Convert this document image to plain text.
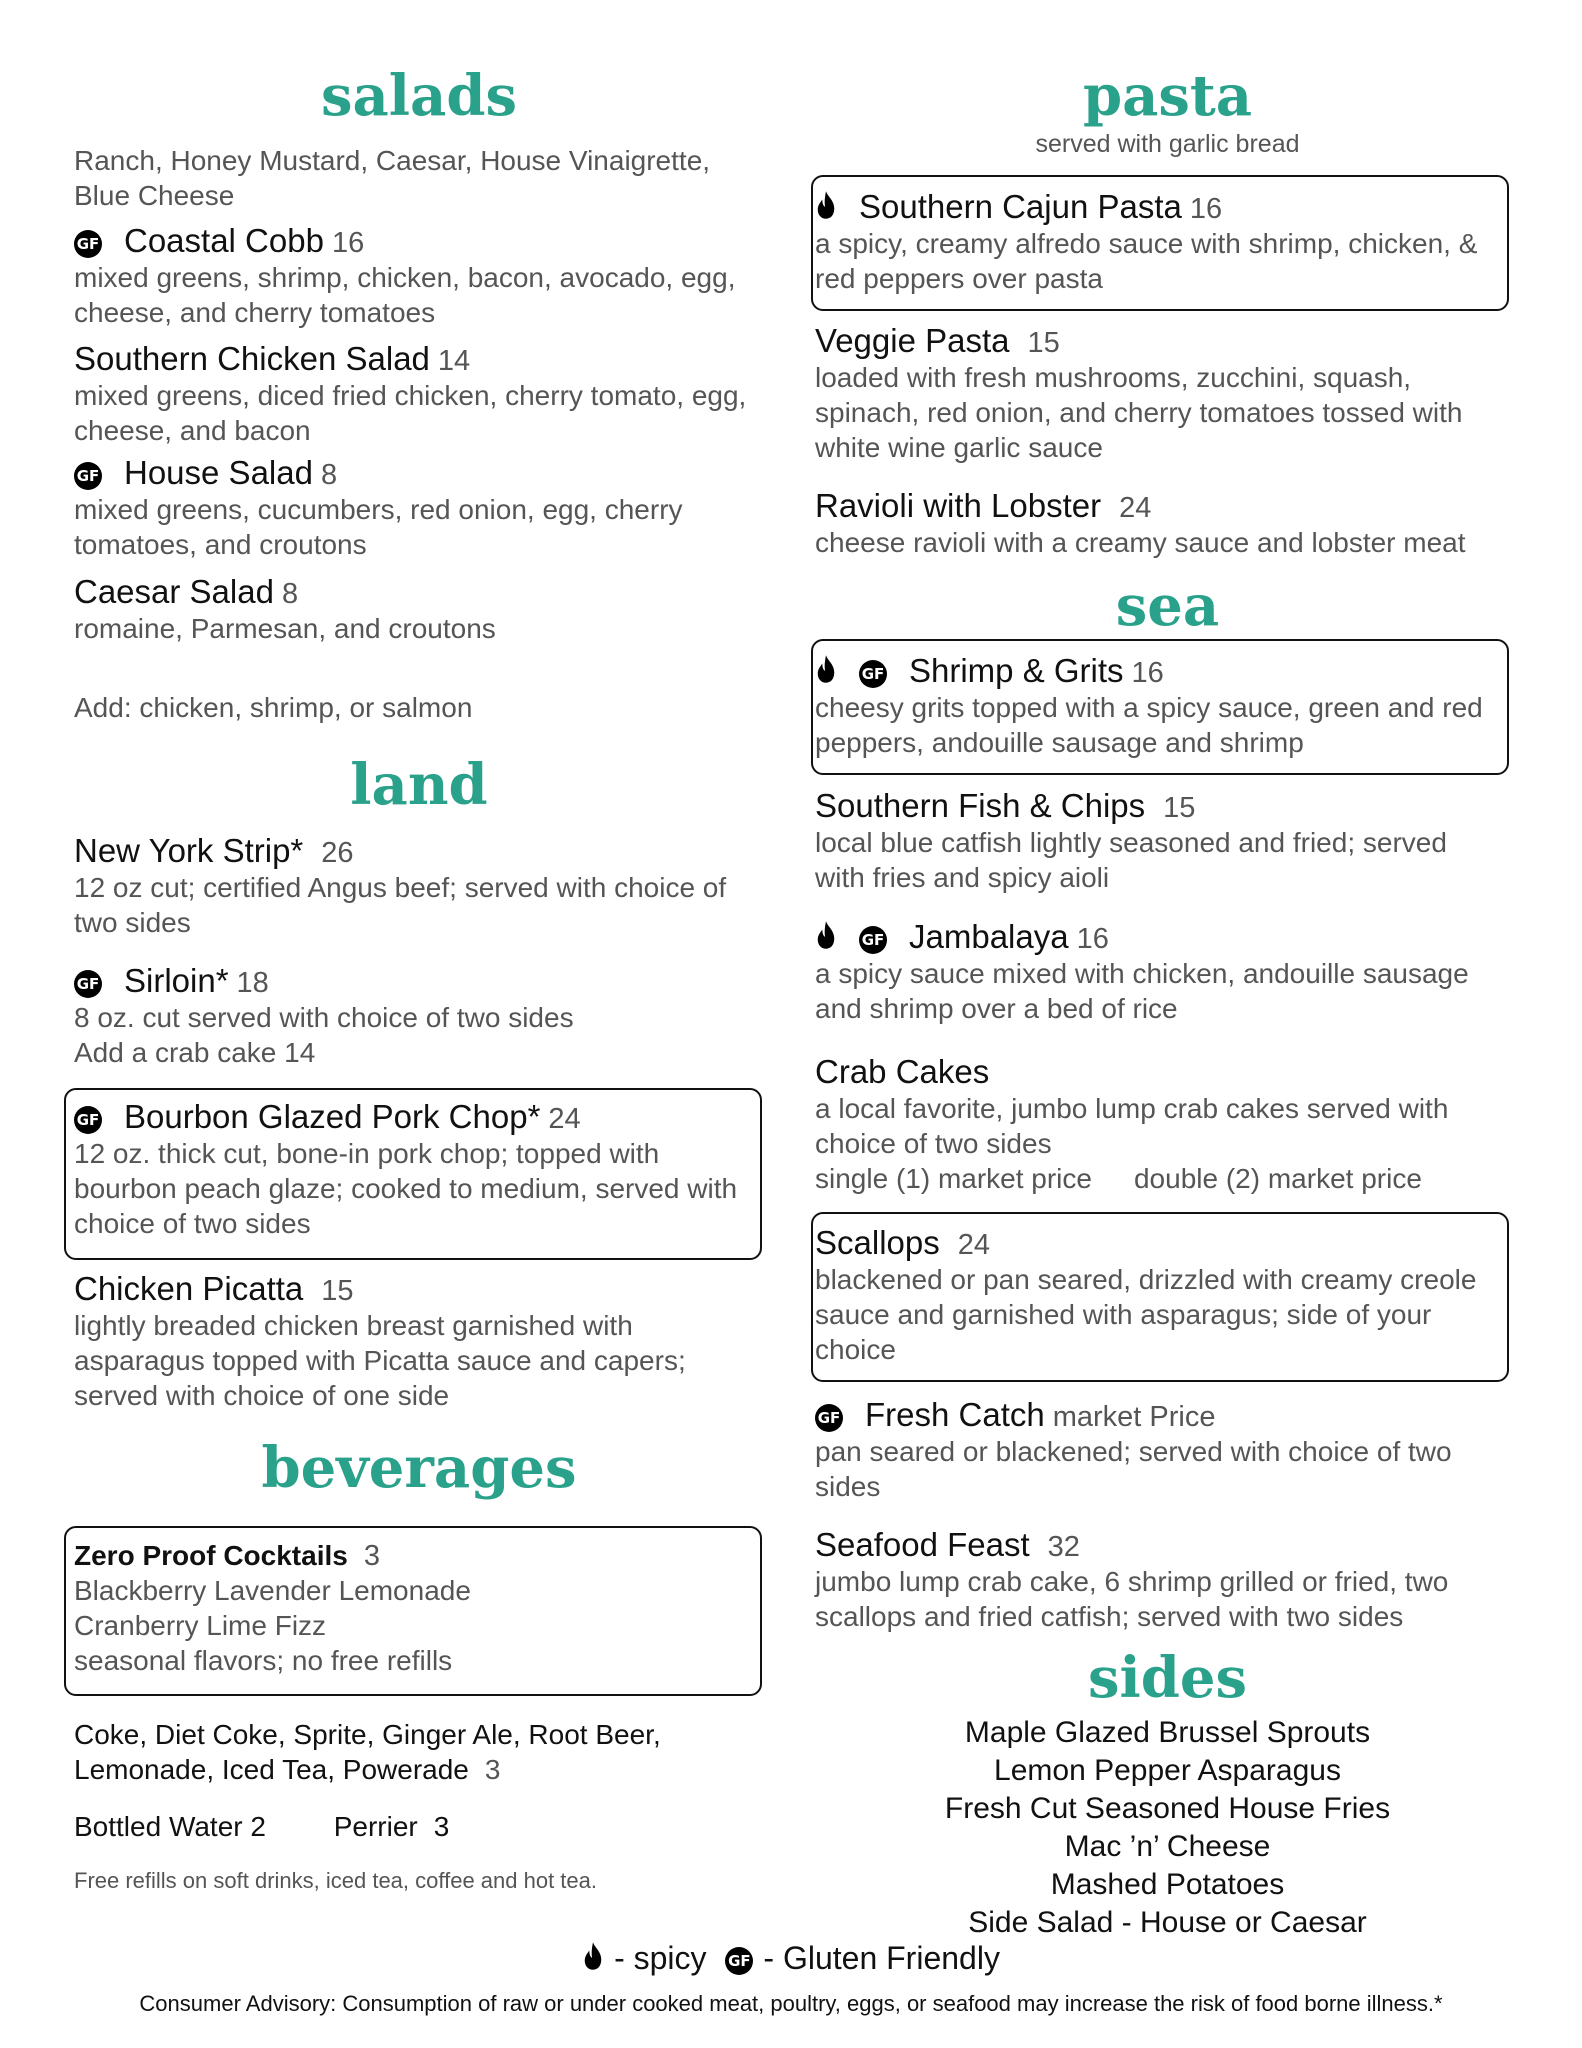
salads
Ranch, Honey Mustard, Caesar, House Vinaigrette, Blue Cheese
GF Coastal Cobb 16
mixed greens, shrimp, chicken, bacon, avocado, egg, cheese, and cherry tomatoes
Southern Chicken Salad 14
mixed greens, diced fried chicken, cherry tomato, egg, cheese, and bacon
GF House Salad 8
mixed greens, cucumbers, red onion, egg, cherry tomatoes, and croutons
Caesar Salad 8
romaine, Parmesan, and croutons
Add: chicken, shrimp, or salmon
land
New York Strip* 26
12 oz cut; certified Angus beef; served with choice of two sides
GF Sirloin* 18
8 oz. cut served with choice of two sides
Add a crab cake 14
GF Bourbon Glazed Pork Chop* 24
12 oz. thick cut, bone-in pork chop; topped with bourbon peach glaze; cooked to medium, served with choice of two sides
Chicken Picatta 15
lightly breaded chicken breast garnished with asparagus topped with Picatta sauce and capers; served with choice of one side
beverages
Zero Proof Cocktails 3
Blackberry Lavender Lemonade
Cranberry Lime Fizz
seasonal flavors; no free refills
Coke, Diet Coke, Sprite, Ginger Ale, Root Beer,
Lemonade, Iced Tea, Powerade 3
Bottled Water 2 Perrier 3
Free refills on soft drinks, iced tea, coffee and hot tea.
pasta
served with garlic bread
Southern Cajun Pasta 16
a spicy, creamy alfredo sauce with shrimp, chicken, & red peppers over pasta
Veggie Pasta 15
loaded with fresh mushrooms, zucchini, squash, spinach, red onion, and cherry tomatoes tossed with white wine garlic sauce
Ravioli with Lobster 24
cheese ravioli with a creamy sauce and lobster meat
sea
GF Shrimp & Grits 16
cheesy grits topped with a spicy sauce, green and red peppers, andouille sausage and shrimp
Southern Fish & Chips 15
local blue catfish lightly seasoned and fried; served with fries and spicy aioli
GF Jambalaya 16
a spicy sauce mixed with chicken, andouille sausage and shrimp over a bed of rice
Crab Cakes
a local favorite, jumbo lump crab cakes served with choice of two sides
single (1) market price double (2) market price
Scallops 24
blackened or pan seared, drizzled with creamy creole sauce and garnished with asparagus; side of your choice
GF Fresh Catch market Price
pan seared or blackened; served with choice of two sides
Seafood Feast 32
jumbo lump crab cake, 6 shrimp grilled or fried, two scallops and fried catfish; served with two sides
sides
Maple Glazed Brussel Sprouts
Lemon Pepper Asparagus
Fresh Cut Seasoned House Fries
Mac ’n’ Cheese
Mashed Potatoes
Side Salad - House or Caesar
- spicy GF - Gluten Friendly
Consumer Advisory: Consumption of raw or under cooked meat, poultry, eggs, or seafood may increase the risk of food borne illness.*
